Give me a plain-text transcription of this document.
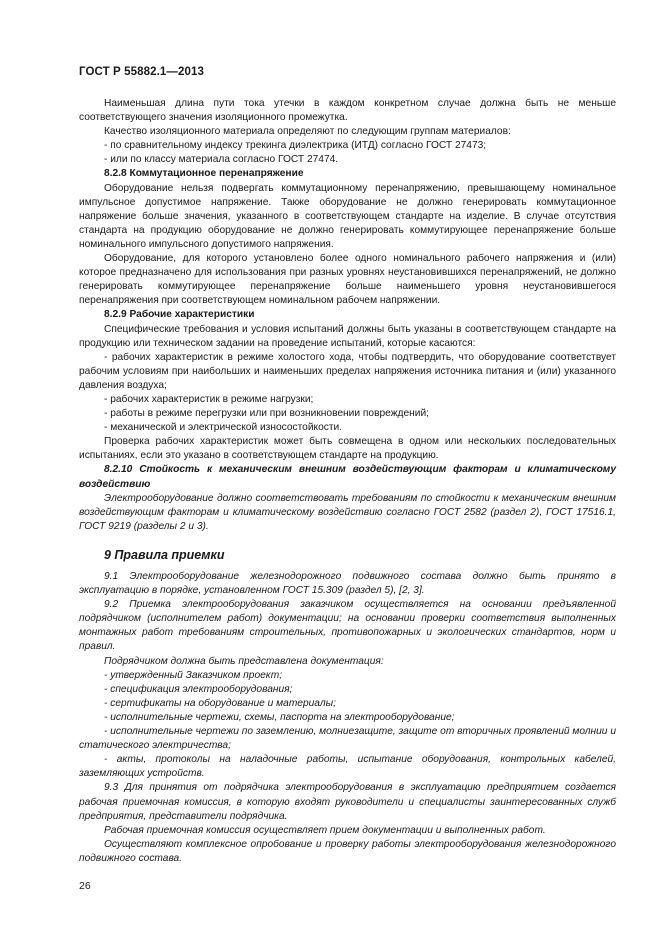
ГОСТ Р 55882.1—2013

Наименьшая длина пути тока утечки в каждом конкретном случае должна быть не меньше соответствующего значения изоляционного промежутка.

Качество изоляционного материала определяют по следующим группам материалов:

- по сравнительному индексу трекинга диэлектрика (ИТД) согласно ГОСТ 27473;

- или по классу материала согласно ГОСТ 27474.

8.2.8 Коммутационное перенапряжение

Оборудование нельзя подвергать коммутационному перенапряжению, превышающему номинальное импульсное допустимое напряжение. Также оборудование не должно генерировать коммутационное напряжение больше значения, указанного в соответствующем стандарте на изделие. В случае отсутствия стандарта на продукцию оборудование не должно генерировать коммутирующее перенапряжение больше номинального импульсного допустимого напряжения.

Оборудование, для которого установлено более одного номинального рабочего напряжения и (или) которое предназначено для использования при разных уровнях неустановившихся перенапряжений, не должно генерировать коммутирующее перенапряжение больше наименьшего уровня неустановившегося перенапряжения при соответствующем номинальном рабочем напряжении.

8.2.9 Рабочие характеристики

Специфические требования и условия испытаний должны быть указаны в соответствующем стандарте на продукцию или техническом задании на проведение испытаний, которые касаются:

- рабочих характеристик в режиме холостого хода, чтобы подтвердить, что оборудование соответствует рабочим условиям при наибольших и наименьших пределах напряжения источника питания и (или) указанного давления воздуха;

- рабочих характеристик в режиме нагрузки;

- работы в режиме перегрузки или при возникновении повреждений;

- механической и электрической износостойкости.

Проверка рабочих характеристик может быть совмещена в одном или нескольких последовательных испытаниях, если это указано в соответствующем стандарте на продукцию.

8.2.10 Стойкость к механическим внешним воздействующим факторам и климатическому воздействию

Электрооборудование должно соответствовать требованиям по стойкости к механическим внешним воздействующим факторам и климатическому воздействию согласно ГОСТ 2582 (раздел 2), ГОСТ 17516.1, ГОСТ 9219 (разделы 2 и 3).

9 Правила приемки

9.1 Электрооборудование железнодорожного подвижного состава должно быть принято в эксплуатацию в порядке, установленном ГОСТ 15.309 (раздел 5), [2, 3].

9.2 Приемка электрооборудования заказчиком осуществляется на основании предъявленной подрядчиком (исполнителем работ) документации; на основании проверки соответствия выполненных монтажных работ требованиям строительных, противопожарных и экологических стандартов, норм и правил.

Подрядчиком должна быть представлена документация:

- утвержденный Заказчиком проект;

- спецификация электрооборудования;

- сертификаты на оборудование и материалы;

- исполнительные чертежи, схемы, паспорта на электрооборудование;

- исполнительные чертежи по заземлению, молниезащите, защите от вторичных проявлений молнии и статического электричества;

- акты, протоколы на наладочные работы, испытание оборудования, контрольных кабелей, заземляющих устройств.

9.3 Для принятия от подрядчика электрооборудования в эксплуатацию предприятием создается рабочая приемочная комиссия, в которую входят руководители и специалисты заинтересованных служб предприятия, представители подрядчика.

Рабочая приемочная комиссия осуществляет прием документации и выполненных работ.

Осуществляют комплексное опробование и проверку работы электрооборудования железнодорожного подвижного состава.

26
